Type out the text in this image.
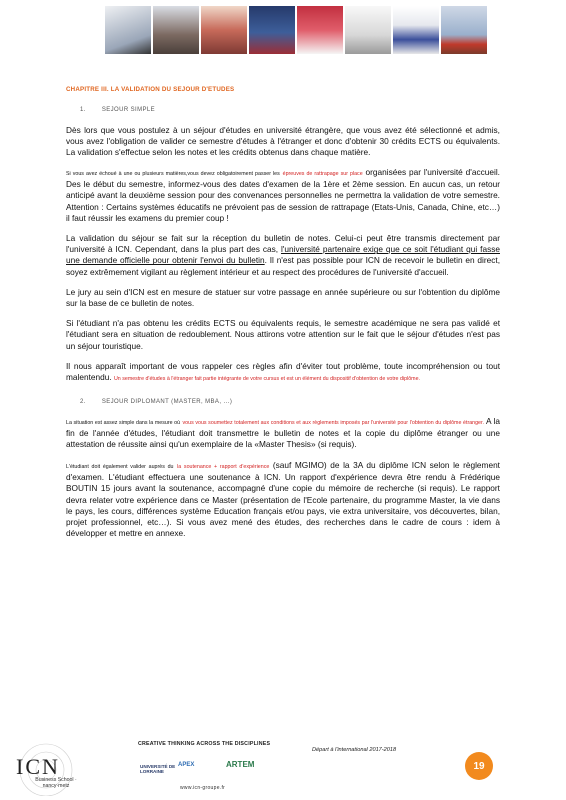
CHAPITRE III. LA VALIDATION DU SEJOUR D'ETUDES

1.	SEJOUR SIMPLE

Dès lors que vous postulez à un séjour d'études en université étrangère, que vous avez été sélectionné et admis, vous avez l'obligation de valider ce semestre d'études à l'étranger et donc d'obtenir 30 crédits ECTS ou équivalents. La validation s'effectue selon les notes et les crédits obtenus dans chaque matière.

Si vous avez échoué à une ou plusieurs matières,vous devez obligatoirement passer les épreuves de rattrapage sur place organisées par l'université d'accueil. Des le début du semestre, informez-vous des dates d'examen de la 1ère et 2ème session. En aucun cas, un retour anticipé avant la deuxième session pour des convenances personnelles ne permettra la validation de votre semestre. Attention : Certains systèmes éducatifs ne prévoient pas de session de rattrapage (Etats-Unis, Canada, Chine, etc…) il faut réussir les examens du premier coup !

La validation du séjour se fait sur la réception du bulletin de notes. Celui-ci peut être transmis directement par l'université à ICN. Cependant, dans la plus part des cas, l'université partenaire exige que ce soit l'étudiant qui fasse une demande officielle pour obtenir l'envoi du bulletin. Il n'est pas possible pour ICN de recevoir le bulletin en direct, soyez extrêmement vigilant au règlement intérieur et au respect des procédures de l'université d'accueil.

Le jury au sein d'ICN est en mesure de statuer sur votre passage en année supérieure ou sur l'obtention du diplôme sur la base de ce bulletin de notes.

Si l'étudiant n'a pas obtenu les crédits ECTS ou équivalents requis, le semestre académique ne sera pas validé et l'étudiant sera en situation de redoublement. Nous attirons votre attention sur le fait que le séjour d'études n'est pas un séjour touristique.

Il nous apparaît important de vous rappeler ces règles afin d'éviter tout problème, toute incompréhension ou tout malentendu. Un semestre d'études à l'étranger fait partie intégrante de votre cursus et est un élément du dispositif d'obtention de votre diplôme.

2.	SEJOUR DIPLOMANT (MASTER, MBA, …)

La situation est assez simple dans la mesure où vous vous soumettez totalement aux conditions et aux règlements imposés par l'université pour l'obtention du diplôme étranger. A la fin de l'année d'études, l'étudiant doit transmettre le bulletin de notes et la copie du diplôme étranger ou une attestation de réussite ainsi qu'un exemplaire de la «Master Thesis» (si requis).

L'étudiant doit également valider auprès du la soutenance + rapport d'expérience (sauf MGIMO) de la 3A du diplôme ICN selon le règlement d'examen. L'étudiant effectuera une soutenance à ICN. Un rapport d'expérience devra être rendu à Frédérique BOUTIN 15 jours avant la soutenance, accompagné d'une copie du mémoire de recherche (si requis). Le rapport devra relater votre expérience dans ce Master (présentation de l'Ecole partenaire, du programme Master, la vie dans le pays, les cours, différences système Education français et/ou pays, vie extra universitaire, vos découvertes, bilan, projet professionnel, etc…). Si vous avez mené des études, des recherches dans le cadre de cours : idem à développer et mettre en annexe.

ICN
Business School · nancy·metz
CREATIVE THINKING ACROSS THE DISCIPLINES
UNIVERSITÉ DE LORRAINE
APEX	ARTEM
www.icn-groupe.fr
Départ à l'international 2017-2018
19
